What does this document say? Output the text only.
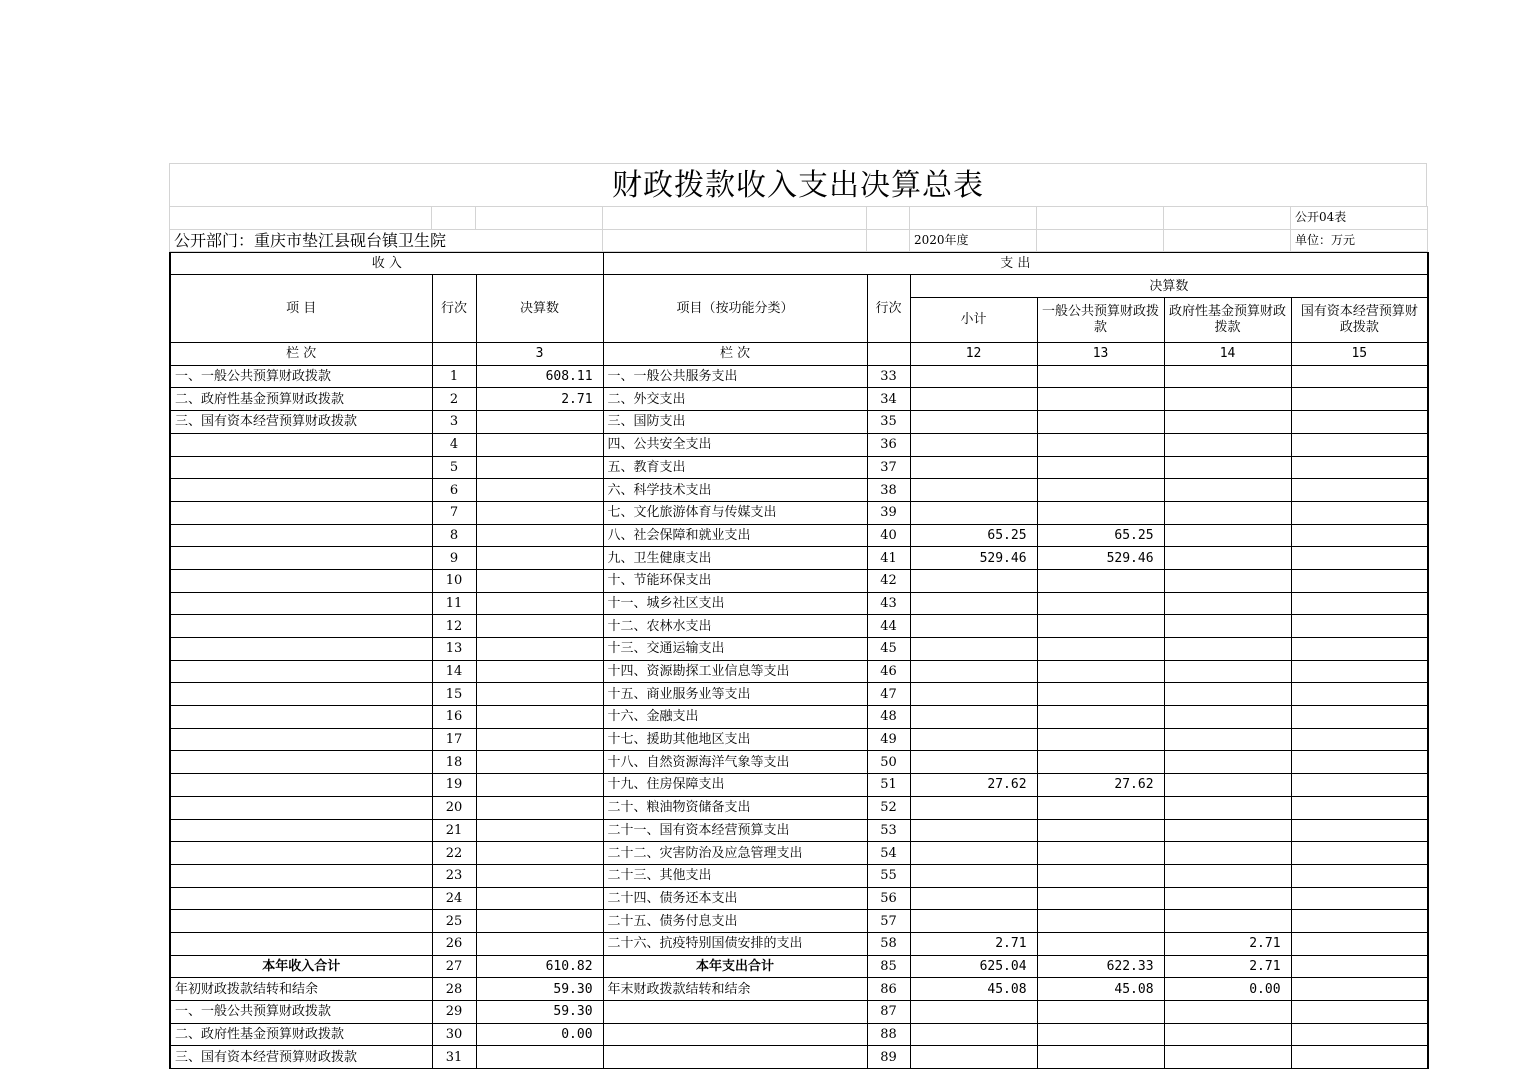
财政拨款收入支出决算总表
								公开04表
公开部门：重庆市垫江县砚台镇卫生院					2020年度			单位：万元
收 入			支 出					
项 目	行次	决算数	项目（按功能分类）	行次	决算数			
					小计	一般公共预算财政拨款	政府性基金预算财政拨款	国有资本经营预算财政拨款
栏 次		3	栏 次		12	13	14	15
一、一般公共预算财政拨款	1	608.11	一、一般公共服务支出	33				
二、政府性基金预算财政拨款	2	2.71	二、外交支出	34				
三、国有资本经营预算财政拨款	3		三、国防支出	35				
	4		四、公共安全支出	36				
	5		五、教育支出	37				
	6		六、科学技术支出	38				
	7		七、文化旅游体育与传媒支出	39				
	8		八、社会保障和就业支出	40	65.25	65.25		
	9		九、卫生健康支出	41	529.46	529.46		
	10		十、节能环保支出	42				
	11		十一、城乡社区支出	43				
	12		十二、农林水支出	44				
	13		十三、交通运输支出	45				
	14		十四、资源勘探工业信息等支出	46				
	15		十五、商业服务业等支出	47				
	16		十六、金融支出	48				
	17		十七、援助其他地区支出	49				
	18		十八、自然资源海洋气象等支出	50				
	19		十九、住房保障支出	51	27.62	27.62		
	20		二十、粮油物资储备支出	52				
	21		二十一、国有资本经营预算支出	53				
	22		二十二、灾害防治及应急管理支出	54				
	23		二十三、其他支出	55				
	24		二十四、债务还本支出	56				
	25		二十五、债务付息支出	57				
	26		二十六、抗疫特别国债安排的支出	58	2.71		2.71	
本年收入合计	27	610.82	本年支出合计	85	625.04	622.33	2.71	
年初财政拨款结转和结余	28	59.30	年末财政拨款结转和结余	86	45.08	45.08	0.00	
一、一般公共预算财政拨款	29	59.30		87				
二、政府性基金预算财政拨款	30	0.00		88				
三、国有资本经营预算财政拨款	31			89				
